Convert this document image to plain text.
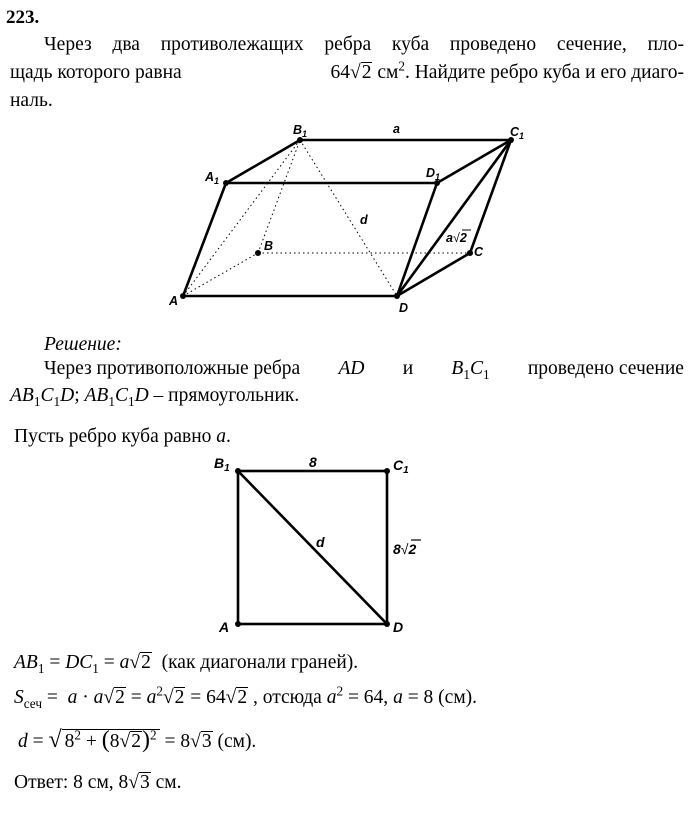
223.
Через два противолежащих ребра куба проведено сечение, пло-
щадь которого равна	64√2 $см^2$. Найдите ребро куба и его диаго-
наль.
$B_1$	a	$C_1$
$A_1$
$D_1$
d
B
a√2
C
A	D
Решение:
Через противоположные ребра AD и $B_1C_1$ проведено сечение
$AB_1C_1D$; $AB_1C_1D$ – прямоугольник.
Пусть ребро куба равно a.
$B_1$	8	$C_1$
d	8√2
A	D
$AB_1 = DC_1 = a√2$ (как диагонали граней).
$S_{сеч} = a \cdot a√2 = a^2√2 = 64√2$ , отсюда $a^2 = 64$, a = 8 (см).
d = √ $8^2 + (8√2)^2 = 8√3$ (см).
Ответ: 8 см, 8√3 см.
